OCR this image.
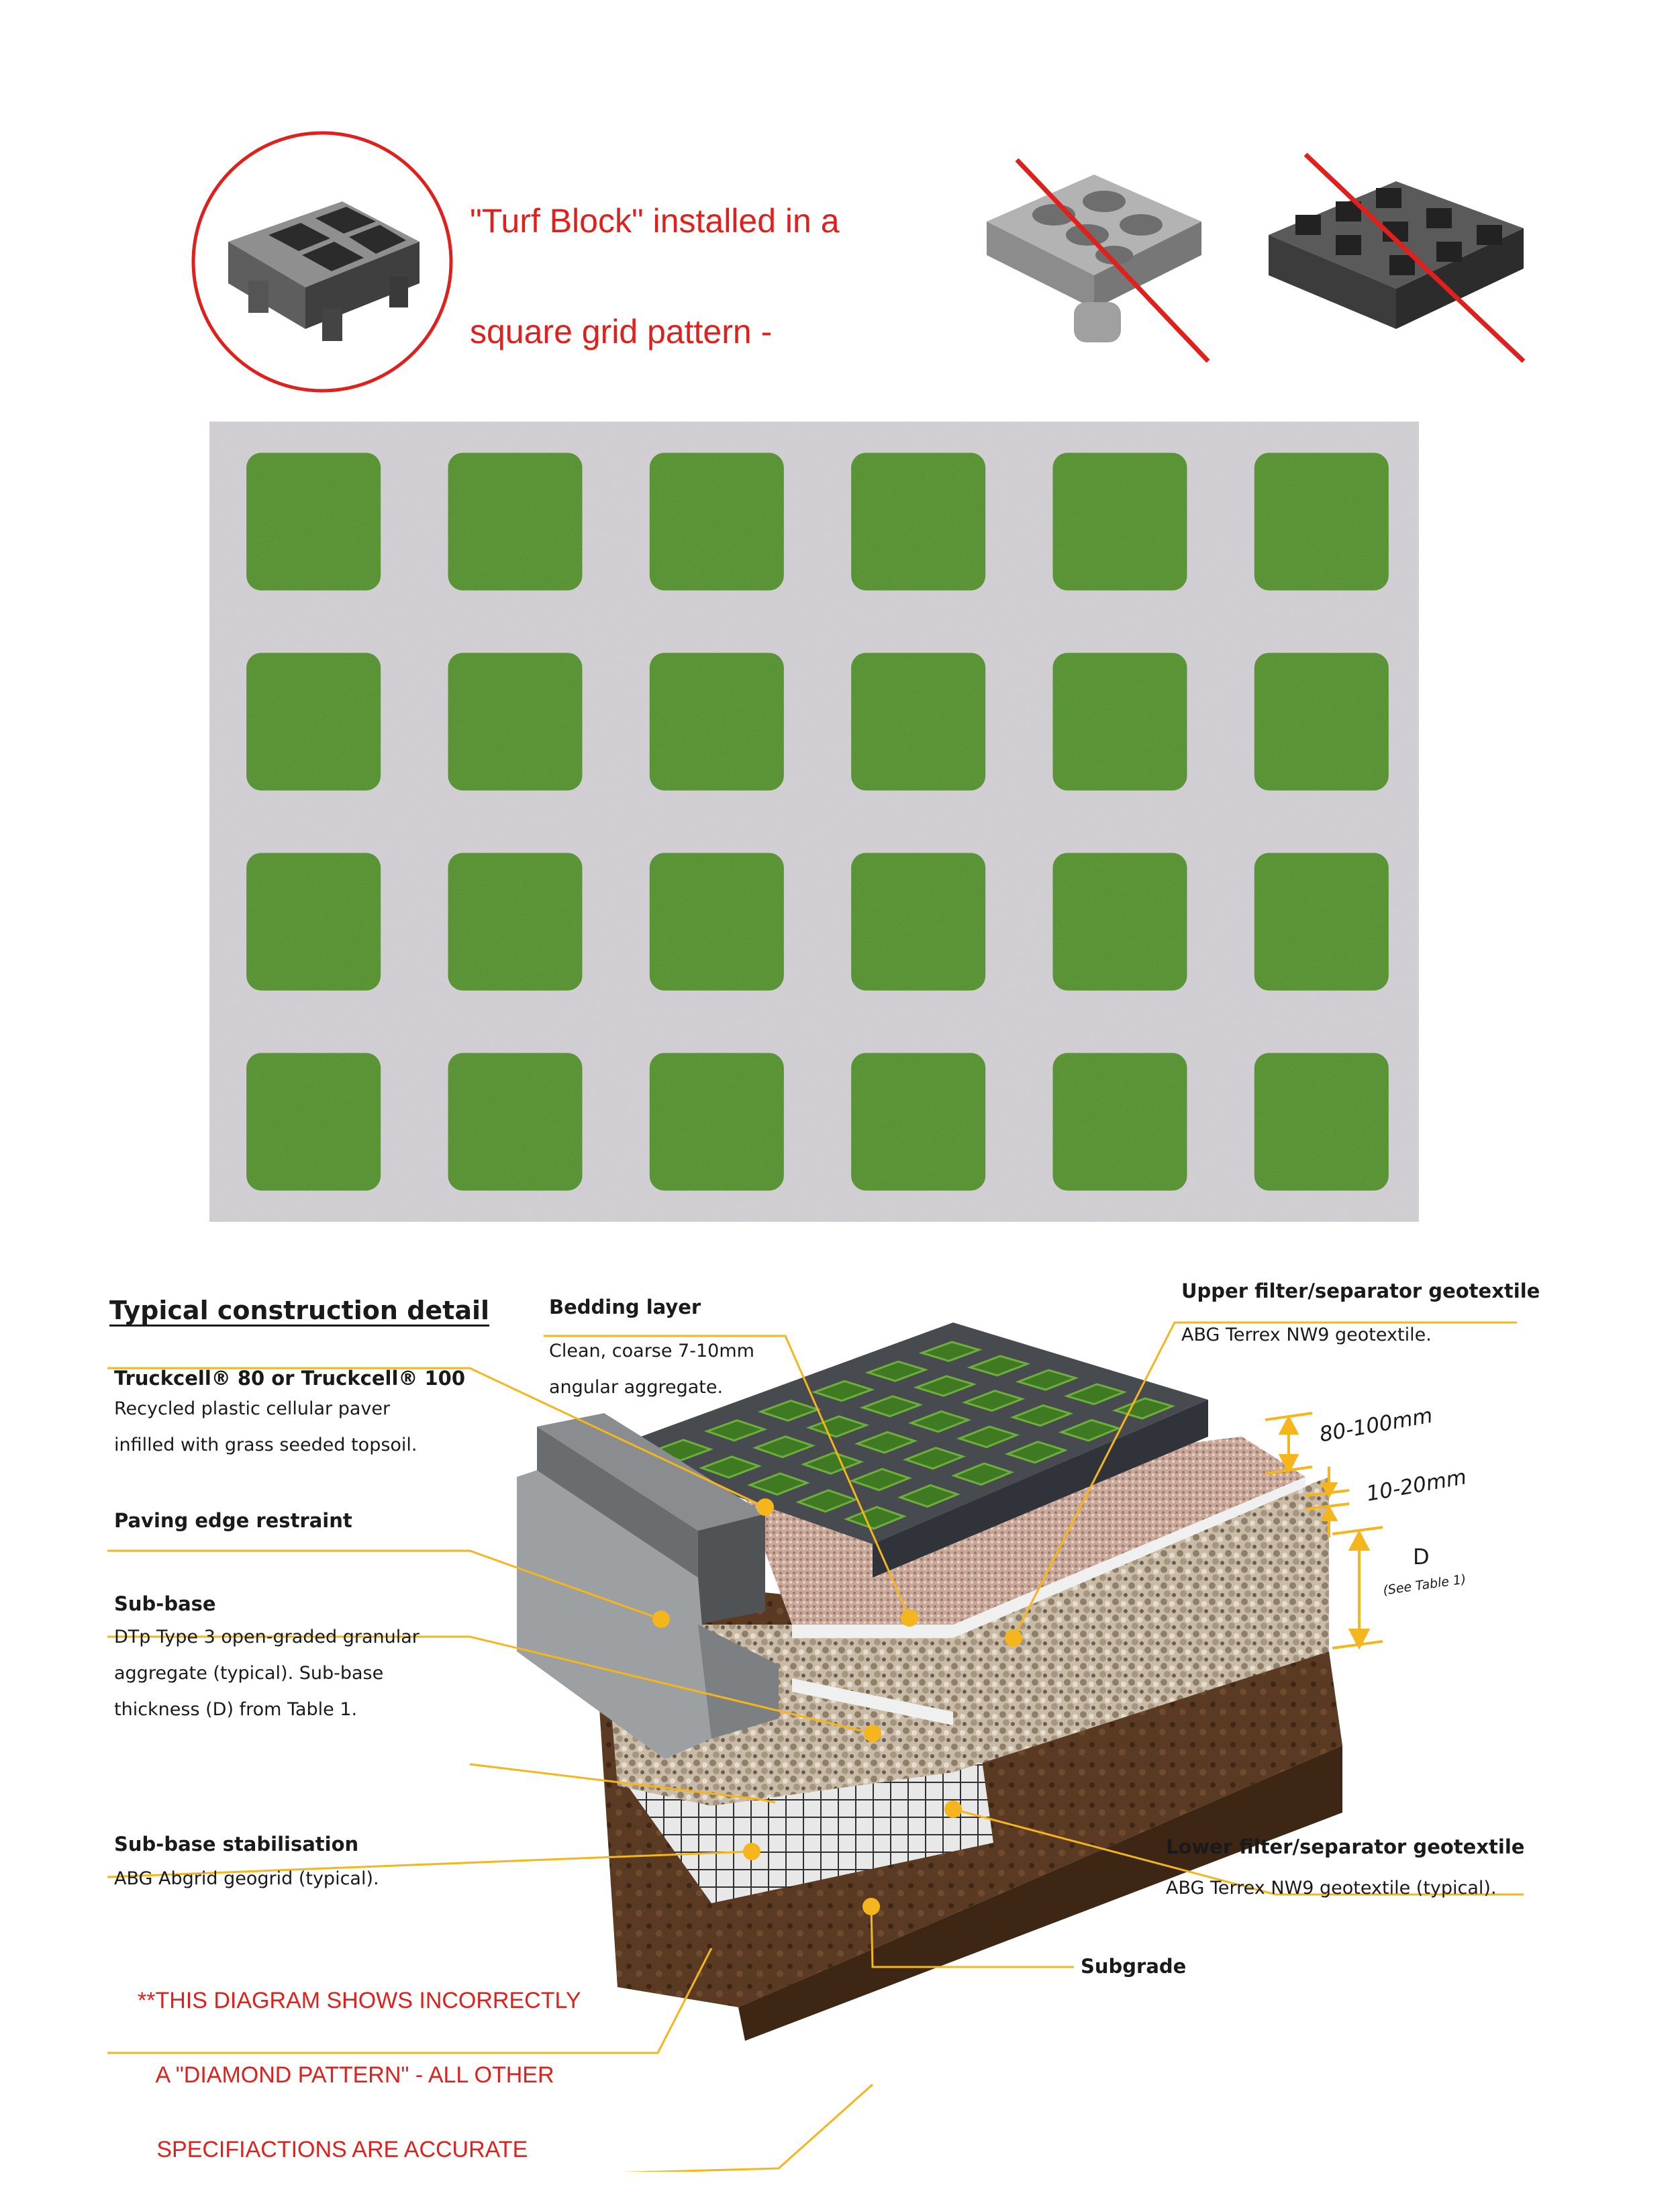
"Turf Block" installed in a

square grid pattern -

Typical construction detail
Truckcell® 80 or Truckcell® 100
Recycled plastic cellular paver
infilled with grass seeded topsoil.
Paving edge restraint
Sub-base
DTp Type 3 open-graded granular
aggregate (typical). Sub-base
thickness (D) from Table 1.
Sub-base stabilisation
ABG Abgrid geogrid (typical).
Bedding layer
Clean, coarse 7-10mm
angular aggregate.
Upper filter/separator geotextile
ABG Terrex NW9 geotextile.
Lower filter/separator geotextile
ABG Terrex NW9 geotextile (typical).
Subgrade
80-100mm
10-20mm
D
(See Table 1)

**THIS DIAGRAM SHOWS INCORRECTLY

A "DIAMOND PATTERN" - ALL OTHER

SPECIFIACTIONS ARE ACCURATE
